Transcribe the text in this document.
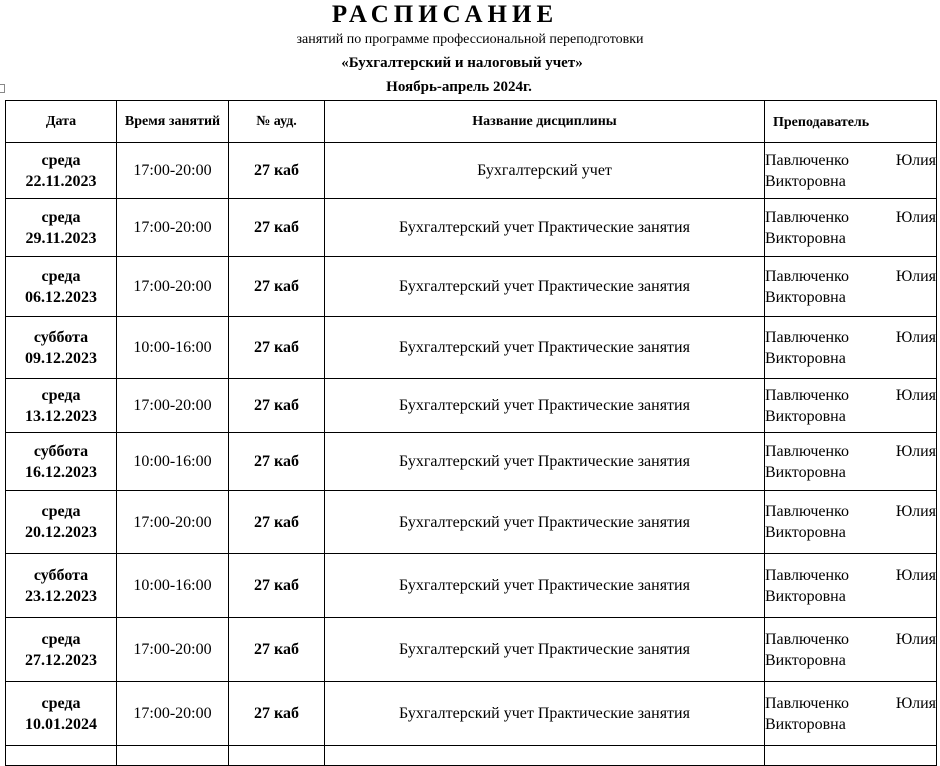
РАСПИСАНИЕ
занятий по программе профессиональной переподготовки
«Бухгалтерский и налоговый учет»
Ноябрь-апрель 2024г.
Дата	Время занятий	№ ауд.	Название дисциплины	Преподаватель
среда
22.11.2023	17:00-20:00	27 каб	Бухгалтерский учет	Павлюченко Юлия Викторовна
среда
29.11.2023	17:00-20:00	27 каб	Бухгалтерский учет Практические занятия	Павлюченко Юлия Викторовна
среда
06.12.2023	17:00-20:00	27 каб	Бухгалтерский учет Практические занятия	Павлюченко Юлия Викторовна
суббота
09.12.2023	10:00-16:00	27 каб	Бухгалтерский учет Практические занятия	Павлюченко Юлия Викторовна
среда
13.12.2023	17:00-20:00	27 каб	Бухгалтерский учет Практические занятия	Павлюченко Юлия Викторовна
суббота
16.12.2023	10:00-16:00	27 каб	Бухгалтерский учет Практические занятия	Павлюченко Юлия Викторовна
среда
20.12.2023	17:00-20:00	27 каб	Бухгалтерский учет Практические занятия	Павлюченко Юлия Викторовна
суббота
23.12.2023	10:00-16:00	27 каб	Бухгалтерский учет Практические занятия	Павлюченко Юлия Викторовна
среда
27.12.2023	17:00-20:00	27 каб	Бухгалтерский учет Практические занятия	Павлюченко Юлия Викторовна
среда
10.01.2024	17:00-20:00	27 каб	Бухгалтерский учет Практические занятия	Павлюченко Юлия Викторовна
